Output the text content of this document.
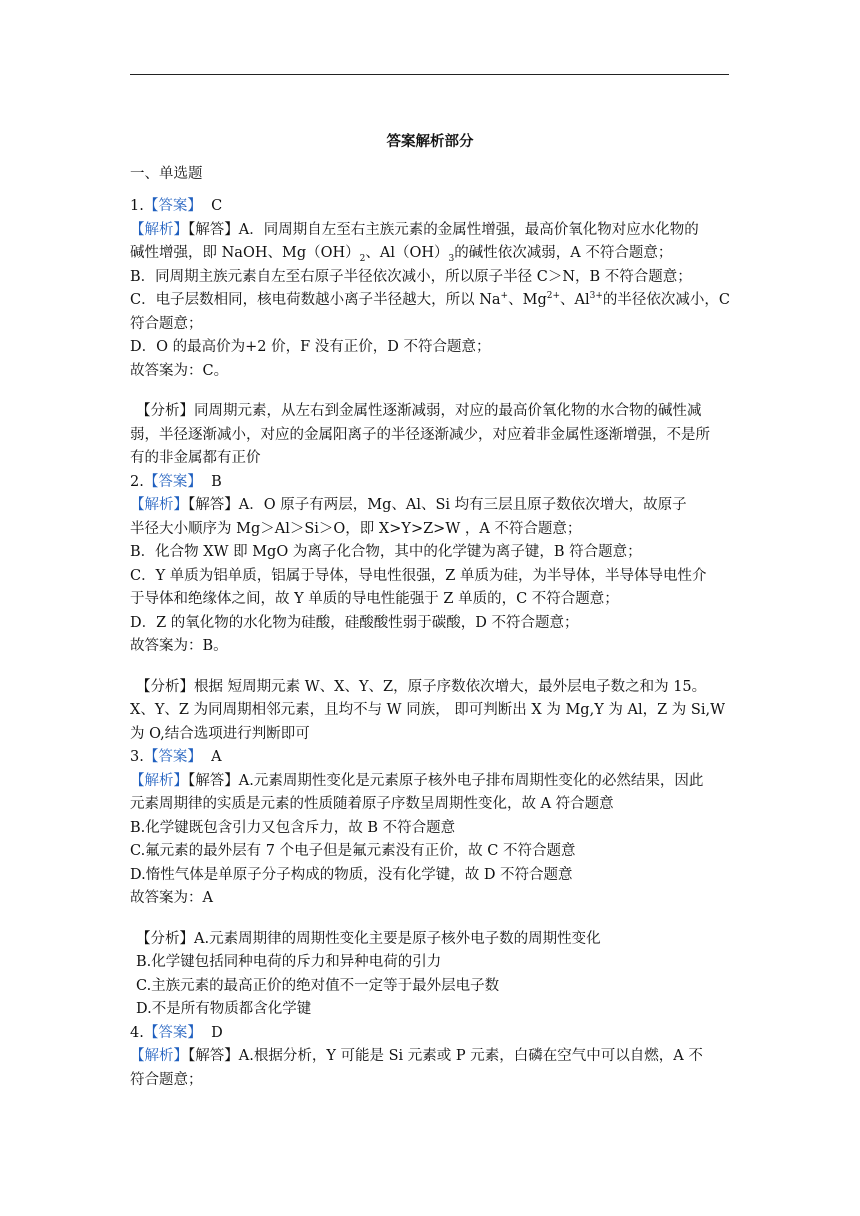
答案解析部分
一、单选题
1.【答案】 C
【解析】【解答】A．同周期自左至右主族元素的金属性增强，最高价氧化物对应水化物的
碱性增强，即 NaOH、$Mg(OH)_2$、$Al(OH)_3$的碱性依次减弱，A 不符合题意；
B．同周期主族元素自左至右原子半径依次减小，所以原子半径 C＞N，B 不符合题意；
C．电子层数相同，核电荷数越小离子半径越大，所以 Na+、$Mg^{2+}$、$Al^{3+}$的半径依次减小，C
符合题意；
D．O 的最高价为+2 价，F 没有正价，D 不符合题意；
故答案为：C。
【分析】同周期元素，从左右到金属性逐渐减弱，对应的最高价氧化物的水合物的碱性减
弱，半径逐渐减小，对应的金属阳离子的半径逐渐减少，对应着非金属性逐渐增强，不是所
有的非金属都有正价
2.【答案】 B
【解析】【解答】A．O 原子有两层，Mg、Al、Si 均有三层且原子数依次增大，故原子
半径大小顺序为 Mg＞Al＞Si＞O，即 X>Y>Z>W ，A 不符合题意；
B．化合物 XW 即 MgO 为离子化合物，其中的化学键为离子键，B 符合题意；
C．Y 单质为铝单质，铝属于导体，导电性很强，Z 单质为硅，为半导体，半导体导电性介
于导体和绝缘体之间，故 Y 单质的导电性能强于 Z 单质的，C 不符合题意；
D．Z 的氧化物的水化物为硅酸，硅酸酸性弱于碳酸，D 不符合题意；
故答案为：B。
【分析】根据 短周期元素 W、X、Y、Z，原子序数依次增大，最外层电子数之和为 15。
X、Y、Z 为同周期相邻元素，且均不与 W 同族， 即可判断出 X 为 Mg,Y 为 Al，Z 为 Si,W
为 O,结合选项进行判断即可
3.【答案】 A
【解析】【解答】A.元素周期性变化是元素原子核外电子排布周期性变化的必然结果，因此
元素周期律的实质是元素的性质随着原子序数呈周期性变化，故 A 符合题意
B.化学键既包含引力又包含斥力，故 B 不符合题意
C.氟元素的最外层有 7 个电子但是氟元素没有正价，故 C 不符合题意
D.惰性气体是单原子分子构成的物质，没有化学键，故 D 不符合题意
故答案为：A
【分析】A.元素周期律的周期性变化主要是原子核外电子数的周期性变化
B.化学键包括同种电荷的斥力和异种电荷的引力
C.主族元素的最高正价的绝对值不一定等于最外层电子数
D.不是所有物质都含化学键
4.【答案】 D
【解析】【解答】A.根据分析，Y 可能是 Si 元素或 P 元素，白磷在空气中可以自燃，A 不
符合题意；
